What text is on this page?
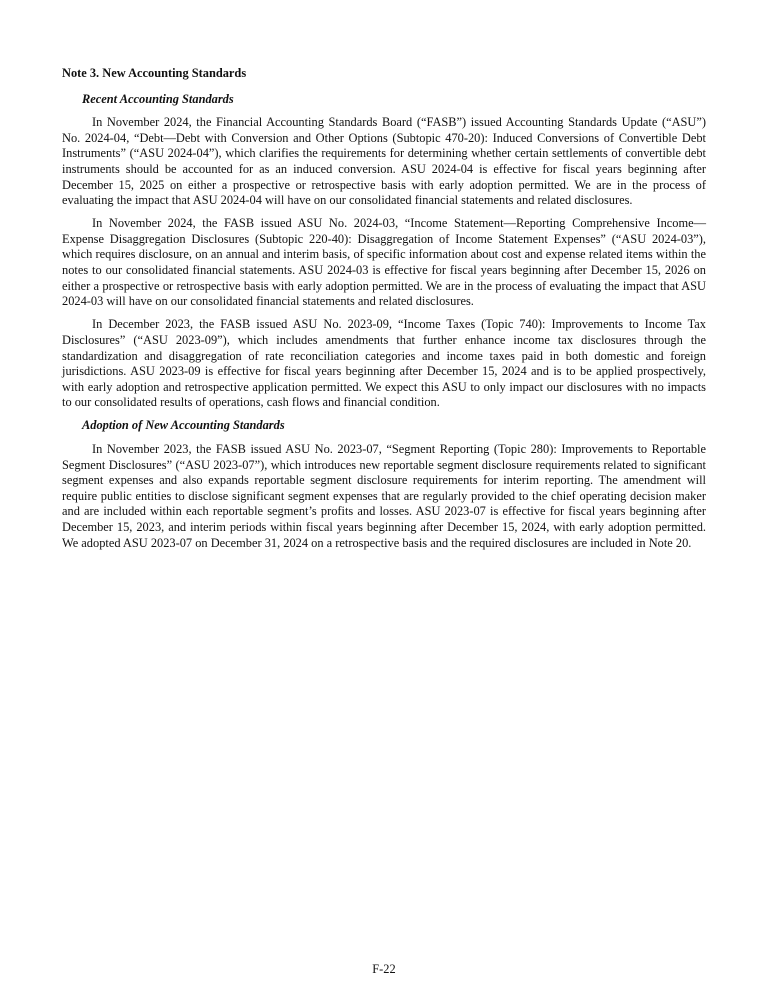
Note 3. New Accounting Standards
Recent Accounting Standards

In November 2024, the Financial Accounting Standards Board (“FASB”) issued Accounting Standards Update (“ASU”) No. 2024-04, “Debt—Debt with Conversion and Other Options (Subtopic 470-20): Induced Conversions of Convertible Debt Instruments” (“ASU 2024-04”), which clarifies the requirements for determining whether certain settlements of convertible debt instruments should be accounted for as an induced conversion. ASU 2024-04 is effective for fiscal years beginning after December 15, 2025 on either a prospective or retrospective basis with early adoption permitted. We are in the process of evaluating the impact that ASU 2024-04 will have on our consolidated financial statements and related disclosures.

In November 2024, the FASB issued ASU No. 2024-03, “Income Statement—Reporting Comprehensive Income—Expense Disaggregation Disclosures (Subtopic 220-40): Disaggregation of Income Statement Expenses” (“ASU 2024-03”), which requires disclosure, on an annual and interim basis, of specific information about cost and expense related items within the notes to our consolidated financial statements. ASU 2024-03 is effective for fiscal years beginning after December 15, 2026 on either a prospective or retrospective basis with early adoption permitted. We are in the process of evaluating the impact that ASU 2024-03 will have on our consolidated financial statements and related disclosures.

In December 2023, the FASB issued ASU No. 2023-09, “Income Taxes (Topic 740): Improvements to Income Tax Disclosures” (“ASU 2023-09”), which includes amendments that further enhance income tax disclosures through the standardization and disaggregation of rate reconciliation categories and income taxes paid in both domestic and foreign jurisdictions. ASU 2023-09 is effective for fiscal years beginning after December 15, 2024 and is to be applied prospectively, with early adoption and retrospective application permitted. We expect this ASU to only impact our disclosures with no impacts to our consolidated results of operations, cash flows and financial condition.

Adoption of New Accounting Standards

In November 2023, the FASB issued ASU No. 2023-07, “Segment Reporting (Topic 280): Improvements to Reportable Segment Disclosures” (“ASU 2023-07”), which introduces new reportable segment disclosure requirements related to significant segment expenses and also expands reportable segment disclosure requirements for interim reporting. The amendment will require public entities to disclose significant segment expenses that are regularly provided to the chief operating decision maker and are included within each reportable segment’s profits and losses. ASU 2023-07 is effective for fiscal years beginning after December 15, 2023, and interim periods within fiscal years beginning after December 15, 2024, with early adoption permitted. We adopted ASU 2023-07 on December 31, 2024 on a retrospective basis and the required disclosures are included in Note 20.

F-22
